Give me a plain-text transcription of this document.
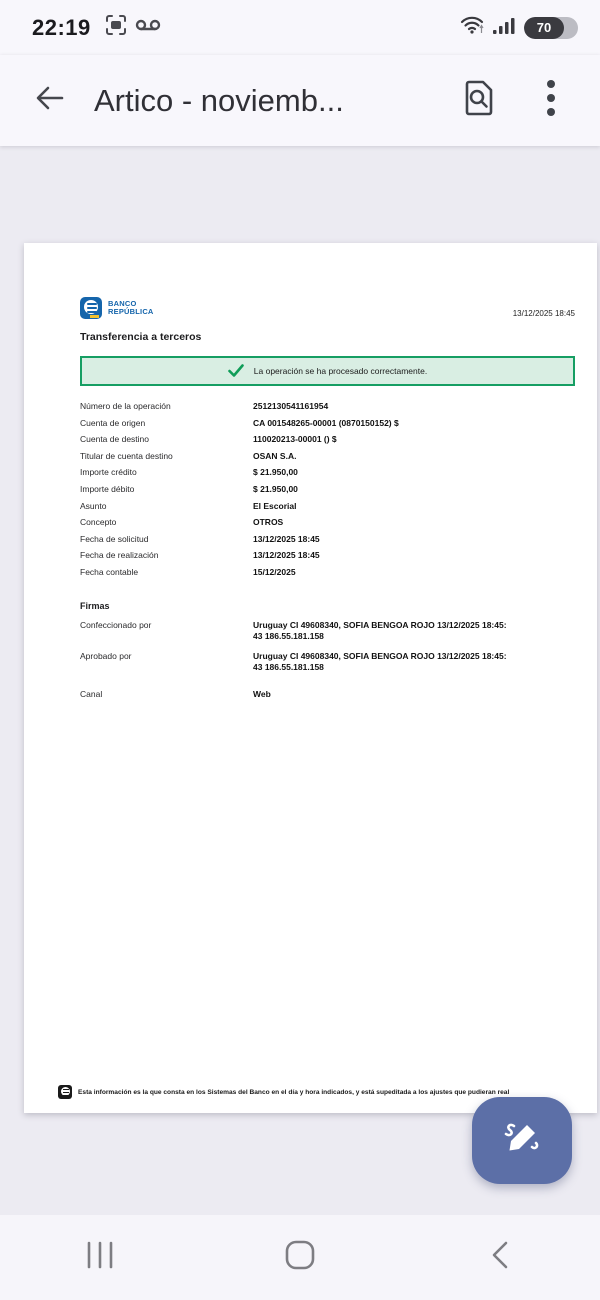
22:19	70
Artico - noviemb...
BANCO
REPÚBLICA	13/12/2025 18:45
Transferencia a terceros
La operación se ha procesado correctamente.
Número de la operación	2512130541161954
Cuenta de origen	CA 001548265-00001 (0870150152) $
Cuenta de destino	110020213-00001 () $
Titular de cuenta destino	OSAN S.A.
Importe crédito	$ 21.950,00
Importe débito	$ 21.950,00
Asunto	El Escorial
Concepto	OTROS
Fecha de solicitud	13/12/2025 18:45
Fecha de realización	13/12/2025 18:45
Fecha contable	15/12/2025
Firmas
Confeccionado por	Uruguay CI 49608340, SOFIA BENGOA ROJO 13/12/2025 18:45:
43 186.55.181.158
Aprobado por	Uruguay CI 49608340, SOFIA BENGOA ROJO 13/12/2025 18:45:
43 186.55.181.158
Canal	Web
Esta información es la que consta en los Sistemas del Banco en el día y hora indicados, y está supeditada a los ajustes que pudieran real
